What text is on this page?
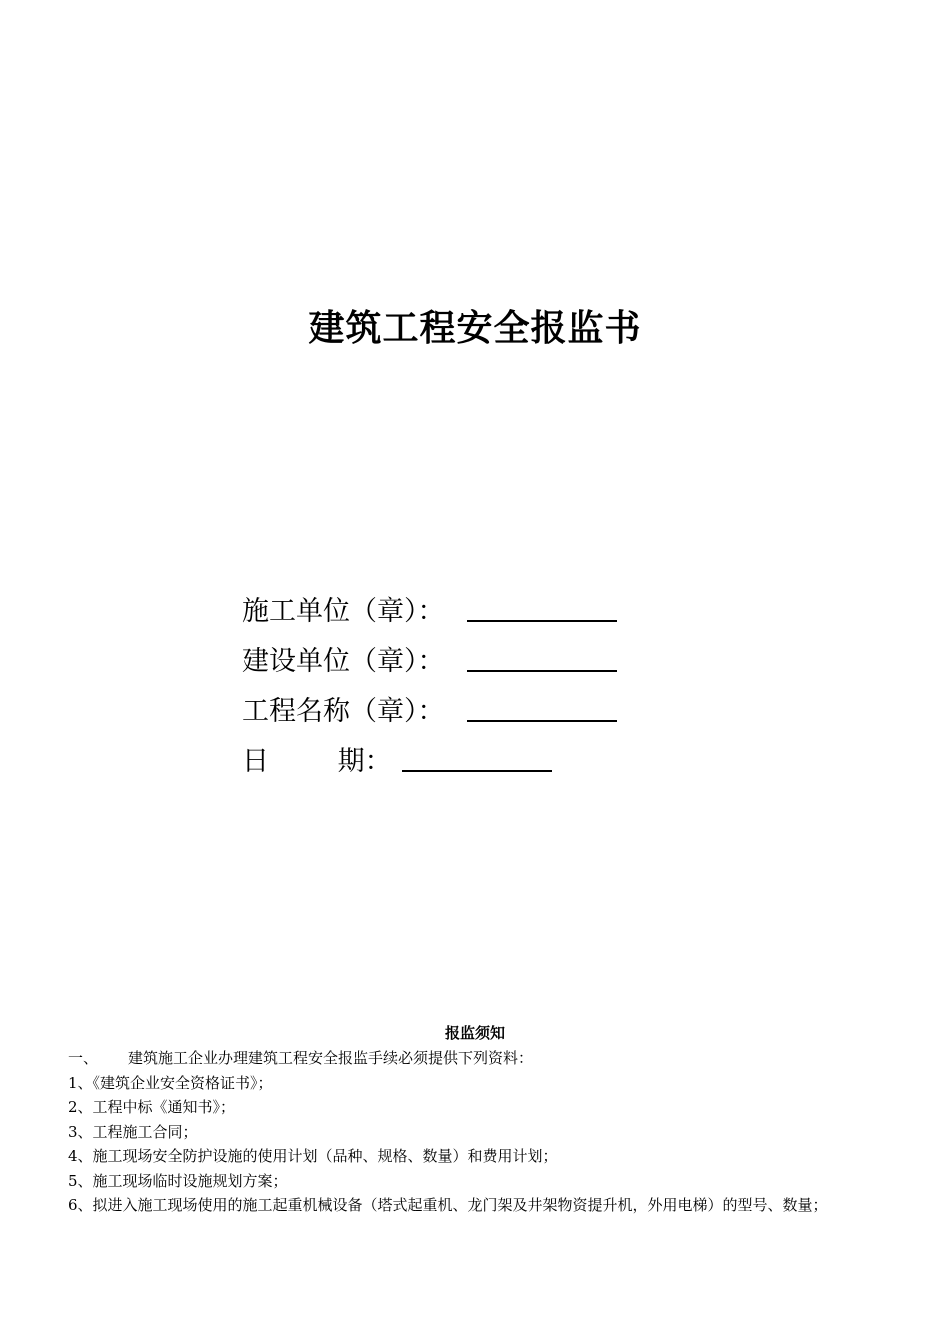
建筑工程安全报监书
施工单位（章）：
建设单位（章）：
工程名称（章）：
日        期：
报监须知
一、 建筑施工企业办理建筑工程安全报监手续必须提供下列资料：
1、《建筑企业安全资格证书》；
2、工程中标《通知书》；
3、工程施工合同；
4、施工现场安全防护设施的使用计划（品种、规格、数量）和费用计划；
5、施工现场临时设施规划方案；
6、拟进入施工现场使用的施工起重机械设备（塔式起重机、龙门架及井架物资提升机，外用电梯）的型号、数量；
